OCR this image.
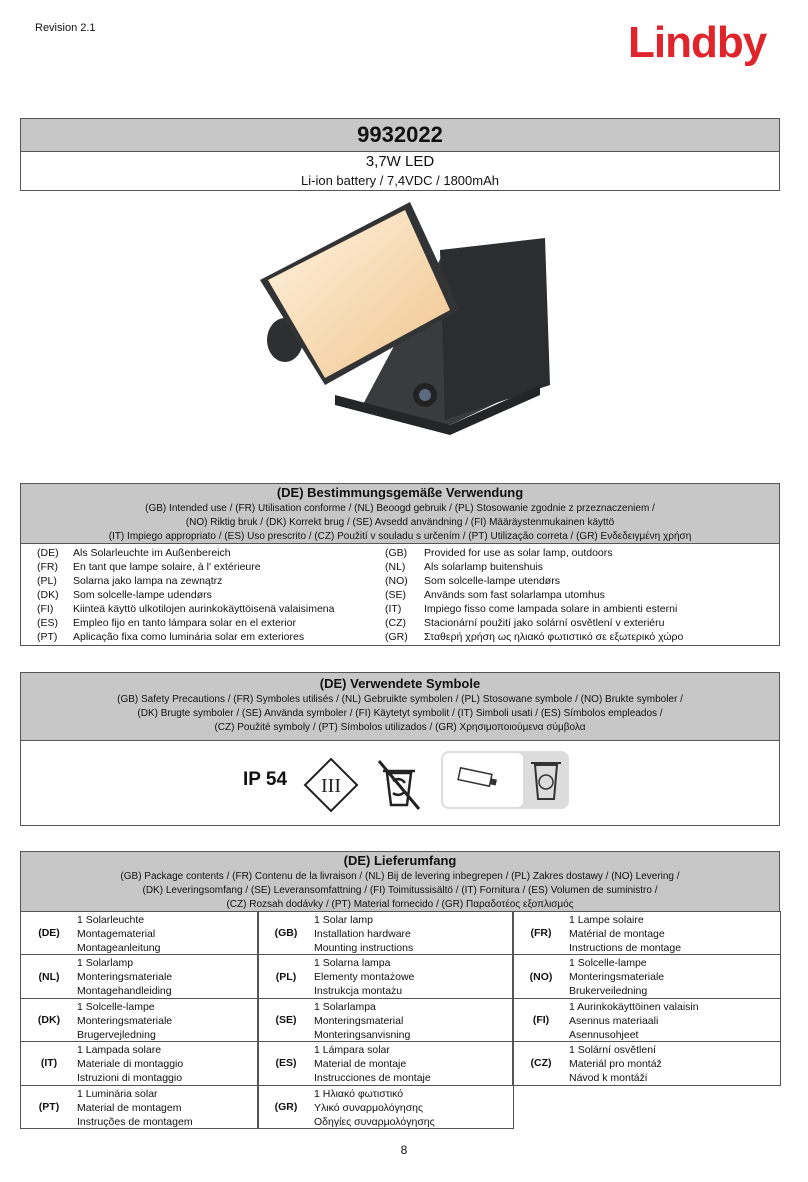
Revision 2.1	Lindby
9932022
3,7W LED
Li-ion battery / 7,4VDC / 1800mAh
(DE) Bestimmungsgemäße Verwendung
(GB) Intended use / (FR) Utilisation conforme / (NL) Beoogd gebruik / (PL) Stosowanie zgodnie z przeznaczeniem /
(NO) Riktig bruk / (DK) Korrekt brug / (SE) Avsedd användning / (FI) Määräystenmukainen käyttö
(IT) Impiego appropriato / (ES) Uso prescrito / (CZ) Použití v souladu s určením / (PT) Utilização correta / (GR) Ενδεδειγμένη χρήση
(DE)	Als Solarleuchte im Außenbereich	(GB)	Provided for use as solar lamp, outdoors
(FR)	En tant que lampe solaire, à l' extérieure	(NL)	Als solarlamp buitenshuis
(PL)	Solarna jako lampa na zewnątrz	(NO)	Som solcelle-lampe utendørs
(DK)	Som solcelle-lampe udendørs	(SE)	Används som fast solarlampa utomhus
(FI)	Kiinteä käyttö ulkotilojen aurinkokäyttöisenä valaisimena	(IT)	Impiego fisso come lampada solare in ambienti esterni
(ES)	Empleo fijo en tanto lámpara solar en el exterior	(CZ)	Stacionární použití jako solární osvětlení v exteriéru
(PT)	Aplicação fixa como luminária solar em exteriores	(GR)	Σταθερή χρήση ως ηλιακό φωτιστικό σε εξωτερικό χώρο
(DE) Verwendete Symbole
(GB) Safety Precautions / (FR) Symboles utilisés / (NL) Gebruikte symbolen / (PL) Stosowane symbole / (NO) Brukte symboler /
(DK) Brugte symboler / (SE) Använda symboler / (FI) Käytetyt symbolit / (IT) Simboli usati / (ES) Símbolos empleados /
(CZ) Použité symboly / (PT) Símbolos utilizados / (GR) Χρησιμοποιούμενα σύμβολα
IP 54 III
(DE) Lieferumfang
(GB) Package contents / (FR) Contenu de la livraison / (NL) Bij de levering inbegrepen / (PL) Zakres dostawy / (NO) Levering /
(DK) Leveringsomfang / (SE) Leveransomfattning / (FI) Toimitussisältö / (IT) Fornitura / (ES) Volumen de suministro /
(CZ) Rozsah dodávky / (PT) Material fornecido / (GR) Παραδοτέος εξοπλισμός
(DE)
1 Solarleuchte
Montagematerial
Montageanleitung
(GB)
1 Solar lamp
Installation hardware
Mounting instructions
(FR)
1 Lampe solaire
Matérial de montage
Instructions de montage
(NL)
1 Solarlamp
Monteringsmateriale
Montagehandleiding
(PL)
1 Solarna lampa
Elementy montażowe
Instrukcja montażu
(NO)
1 Solcelle-lampe
Monteringsmateriale
Brukerveiledning
(DK)
1 Solcelle-lampe
Monteringsmateriale
Brugervejledning
(SE)
1 Solarlampa
Monteringsmaterial
Monteringsanvisning
(FI)
1 Aurinkokäyttöinen valaisin
Asennus materiaali
Asennusohjeet
(IT)
1 Lampada solare
Materiale di montaggio
Istruzioni di montaggio
(ES)
1 Lámpara solar
Material de montaje
Instrucciones de montaje
(CZ)
1 Solární osvětlení
Materiál pro montáž
Návod k montáži
(PT)
1 Luminária solar
Material de montagem
Instruções de montagem
(GR)
1 Ηλιακό φωτιστικό
Υλικό συναρμολόγησης
Οδηγίες συναρμολόγησης
8
